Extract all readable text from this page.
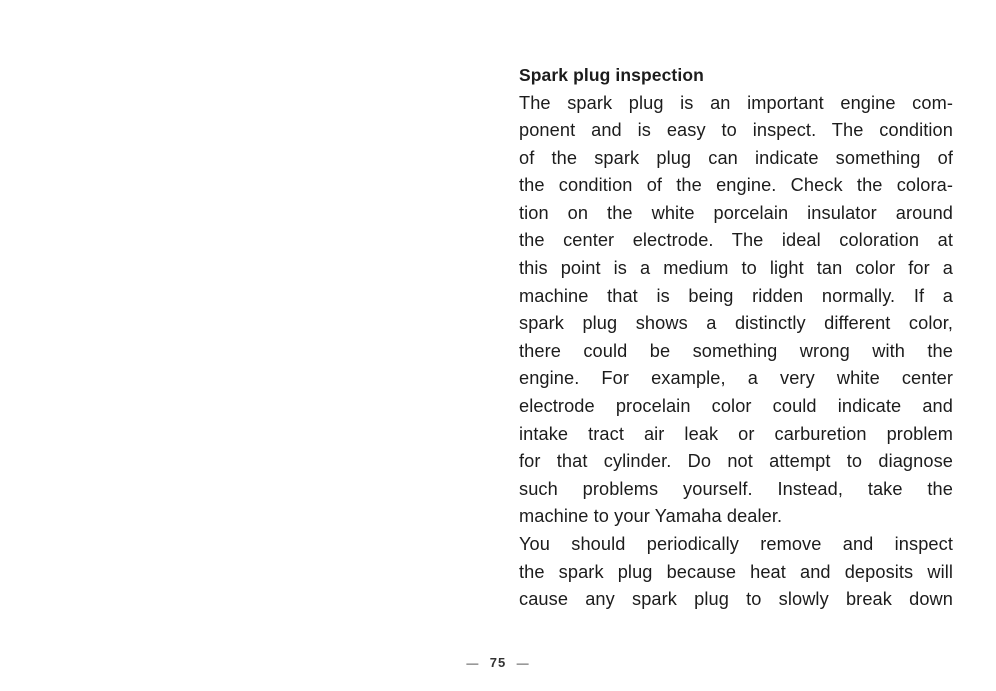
Spark plug inspection
The spark plug is an important engine com-
ponent and is easy to inspect. The condition
of the spark plug can indicate something of
the condition of the engine. Check the colora-
tion on the white porcelain insulator around
the center electrode. The ideal coloration at
this point is a medium to light tan color for a
machine that is being ridden normally. If a
spark plug shows a distinctly different color,
there could be something wrong with the
engine. For example, a very white center
electrode procelain color could indicate and
intake tract air leak or carburetion problem
for that cylinder. Do not attempt to diagnose
such problems yourself. Instead, take the
machine to your Yamaha dealer.
You should periodically remove and inspect
the spark plug because heat and deposits will
cause any spark plug to slowly break down
— 75 —
